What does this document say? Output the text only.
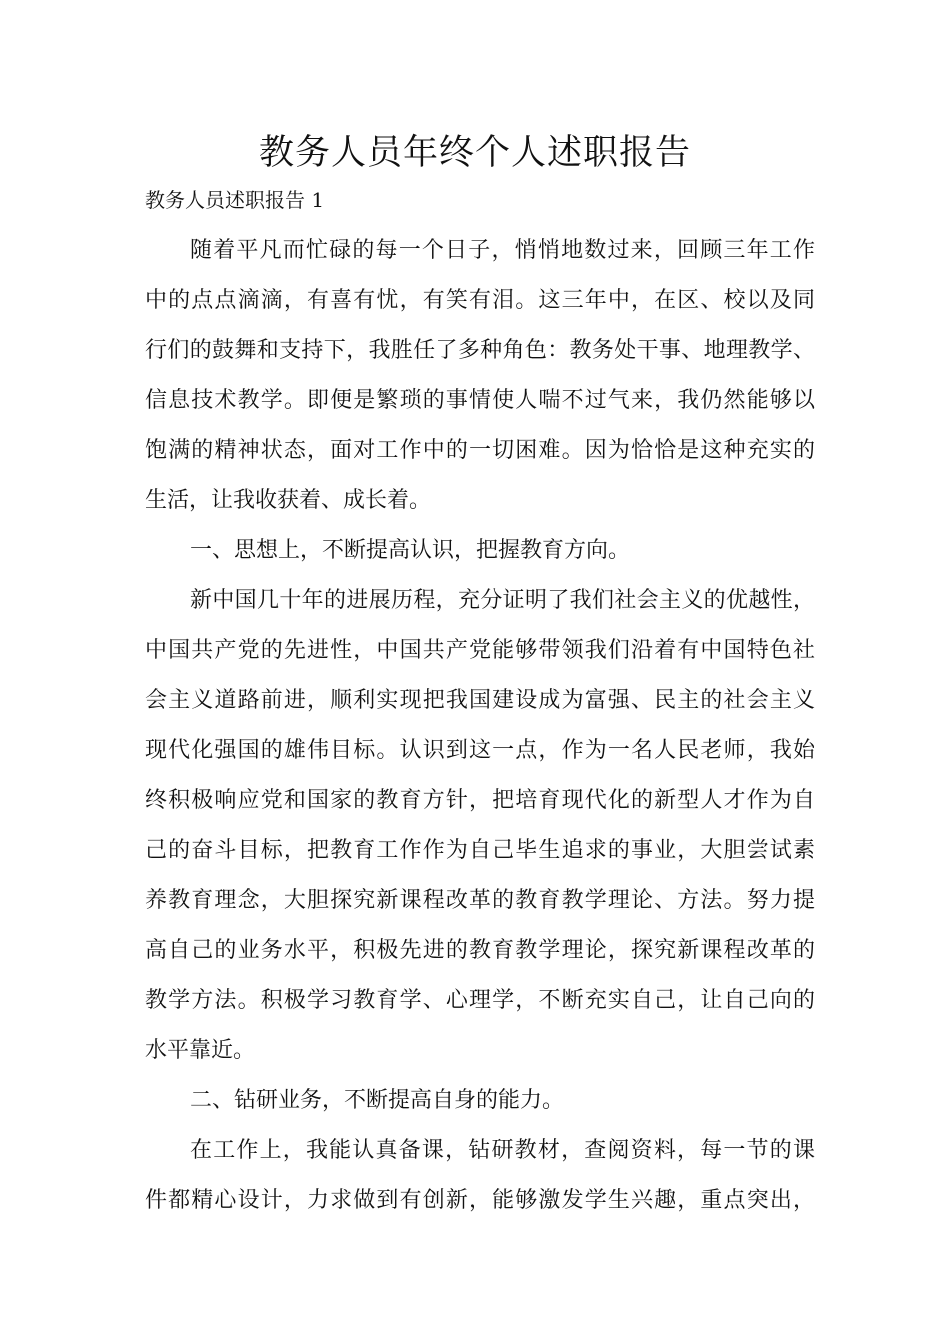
教务人员年终个人述职报告

教务人员述职报告 1

随着平凡而忙碌的每一个日子，悄悄地数过来，回顾三年工作

中的点点滴滴，有喜有忧，有笑有泪。这三年中，在区、校以及同

行们的鼓舞和支持下，我胜任了多种角色：教务处干事、地理教学、

信息技术教学。即便是繁琐的事情使人喘不过气来，我仍然能够以

饱满的精神状态，面对工作中的一切困难。因为恰恰是这种充实的

生活，让我收获着、成长着。

一、思想上，不断提高认识，把握教育方向。

新中国几十年的进展历程，充分证明了我们社会主义的优越性，

中国共产党的先进性，中国共产党能够带领我们沿着有中国特色社

会主义道路前进，顺利实现把我国建设成为富强、民主的社会主义

现代化强国的雄伟目标。认识到这一点，作为一名人民老师，我始

终积极响应党和国家的教育方针，把培育现代化的新型人才作为自

己的奋斗目标，把教育工作作为自己毕生追求的事业，大胆尝试素

养教育理念，大胆探究新课程改革的教育教学理论、方法。努力提

高自己的业务水平，积极先进的教育教学理论，探究新课程改革的

教学方法。积极学习教育学、心理学，不断充实自己，让自己向的

水平靠近。

二、钻研业务，不断提高自身的能力。

在工作上，我能认真备课，钻研教材，查阅资料，每一节的课

件都精心设计，力求做到有创新，能够激发学生兴趣，重点突出，
